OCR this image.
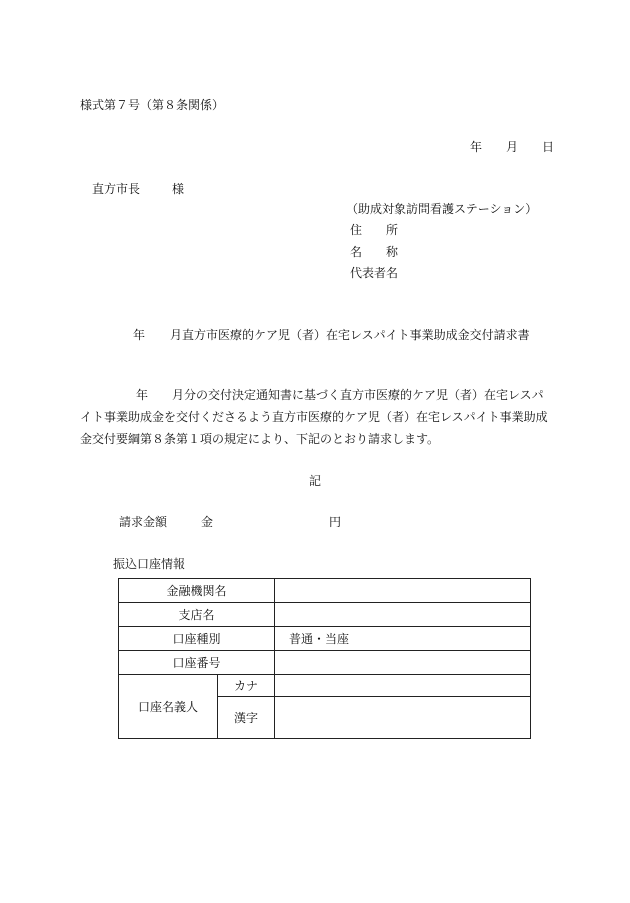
様式第７号（第８条関係）
年 月 日
直方市長	様
（助成対象訪問看護ステーション）
住　　所
名　　称
代表者名
年 月直方市医療的ケア児（者）在宅レスパイト事業助成金交付請求書
年　　月分の交付決定通知書に基づく直方市医療的ケア児（者）在宅レスパイト事業助成金を交付くださるよう直方市医療的ケア児（者）在宅レスパイト事業助成金交付要綱第８条第１項の規定により、下記のとおり請求します。
記
請求金額	金	円
振込口座情報
金融機関名		
支店名		
口座種別		普通・当座
口座番号		
口座名義人	カナ	
	漢字	
